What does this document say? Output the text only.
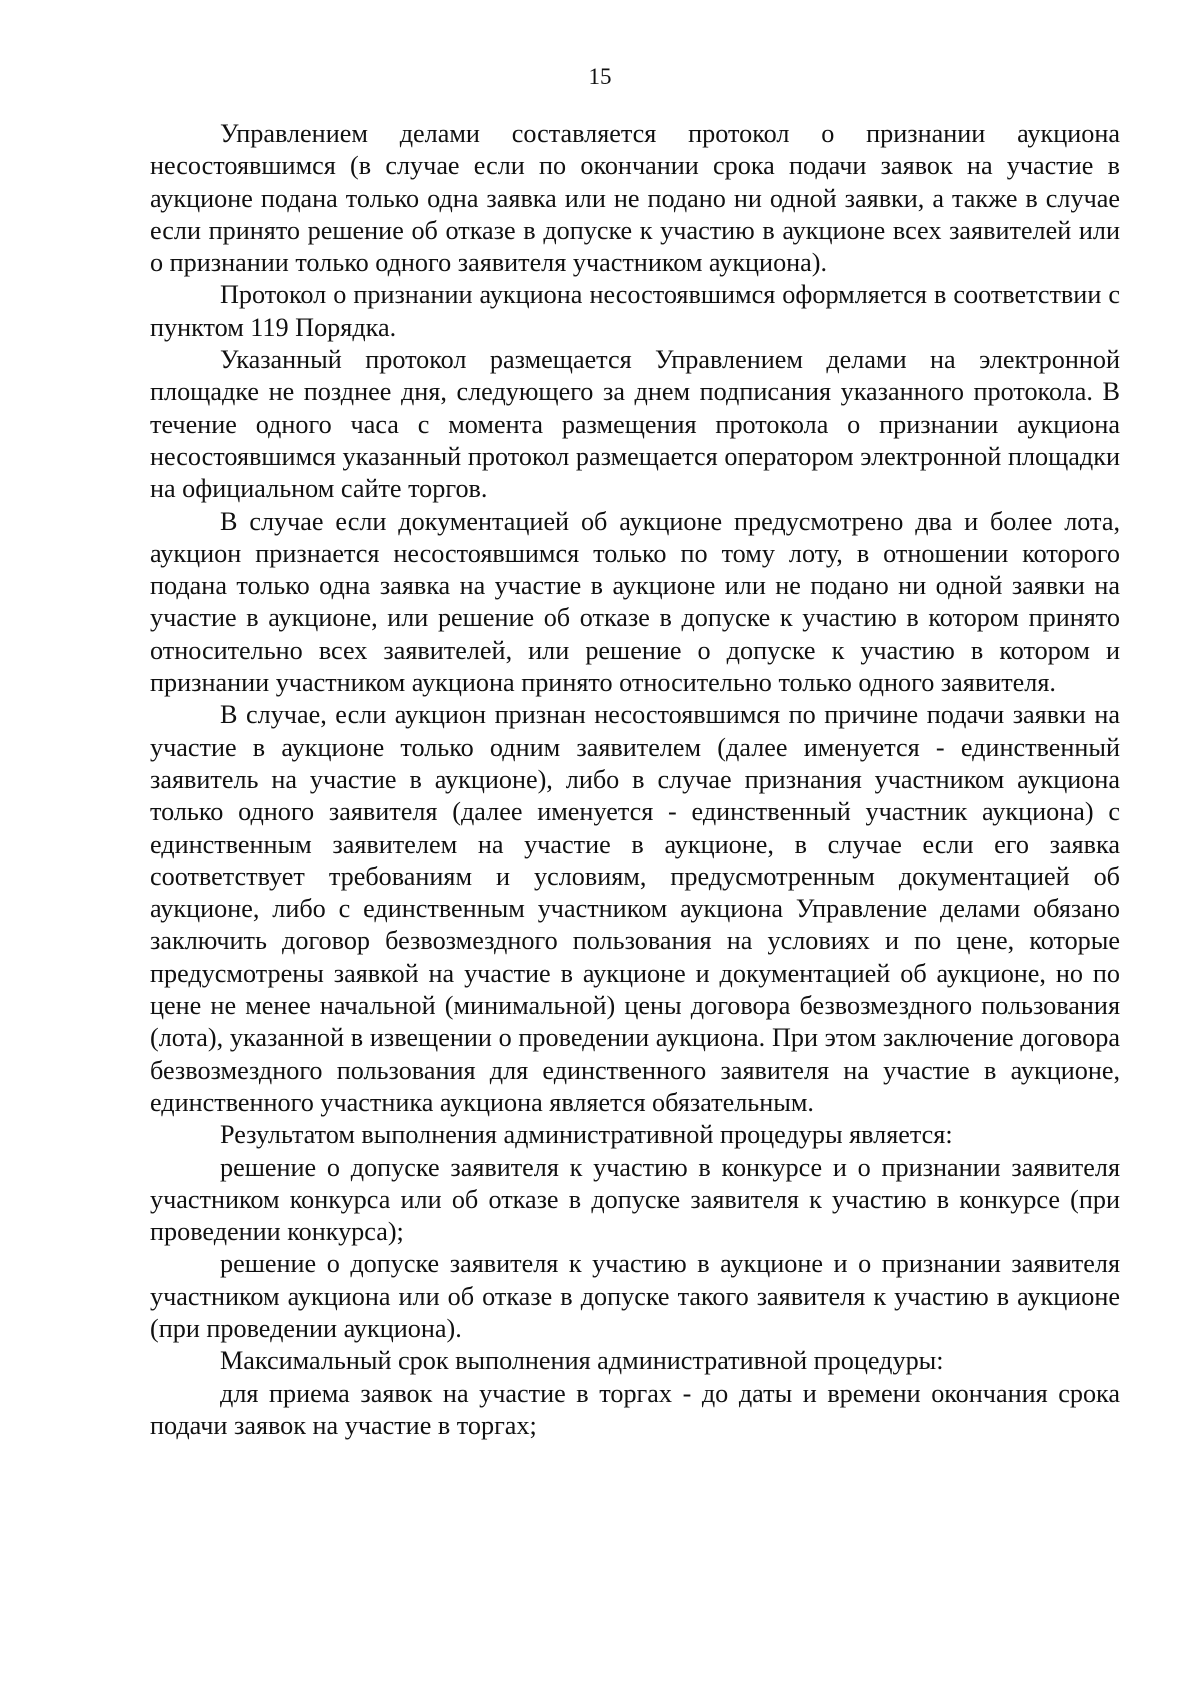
15

Управлением делами составляется протокол о признании аукциона несостоявшимся (в случае если по окончании срока подачи заявок на участие в аукционе подана только одна заявка или не подано ни одной заявки, а также в случае если принято решение об отказе в допуске к участию в аукционе всех заявителей или о признании только одного заявителя участником аукциона).

Протокол о признании аукциона несостоявшимся оформляется в соответствии с пунктом 119 Порядка.

Указанный протокол размещается Управлением делами на электронной площадке не позднее дня, следующего за днем подписания указанного протокола. В течение одного часа с момента размещения протокола о признании аукциона несостоявшимся указанный протокол размещается оператором электронной площадки на официальном сайте торгов.

В случае если документацией об аукционе предусмотрено два и более лота, аукцион признается несостоявшимся только по тому лоту, в отношении которого подана только одна заявка на участие в аукционе или не подано ни одной заявки на участие в аукционе, или решение об отказе в допуске к участию в котором принято относительно всех заявителей, или решение о допуске к участию в котором и признании участником аукциона принято относительно только одного заявителя.

В случае, если аукцион признан несостоявшимся по причине подачи заявки на участие в аукционе только одним заявителем (далее именуется - единственный заявитель на участие в аукционе), либо в случае признания участником аукциона только одного заявителя (далее именуется - единственный участник аукциона) с единственным заявителем на участие в аукционе, в случае если его заявка соответствует требованиям и условиям, предусмотренным документацией об аукционе, либо с единственным участником аукциона Управление делами обязано заключить договор безвозмездного пользования на условиях и по цене, которые предусмотрены заявкой на участие в аукционе и документацией об аукционе, но по цене не менее начальной (минимальной) цены договора безвозмездного пользования (лота), указанной в извещении о проведении аукциона. При этом заключение договора безвозмездного пользования для единственного заявителя на участие в аукционе, единственного участника аукциона является обязательным.

Результатом выполнения административной процедуры является:

решение о допуске заявителя к участию в конкурсе и о признании заявителя участником конкурса или об отказе в допуске заявителя к участию в конкурсе (при проведении конкурса);

решение о допуске заявителя к участию в аукционе и о признании заявителя участником аукциона или об отказе в допуске такого заявителя к участию в аукционе (при проведении аукциона).

Максимальный срок выполнения административной процедуры:

для приема заявок на участие в торгах - до даты и времени окончания срока подачи заявок на участие в торгах;
